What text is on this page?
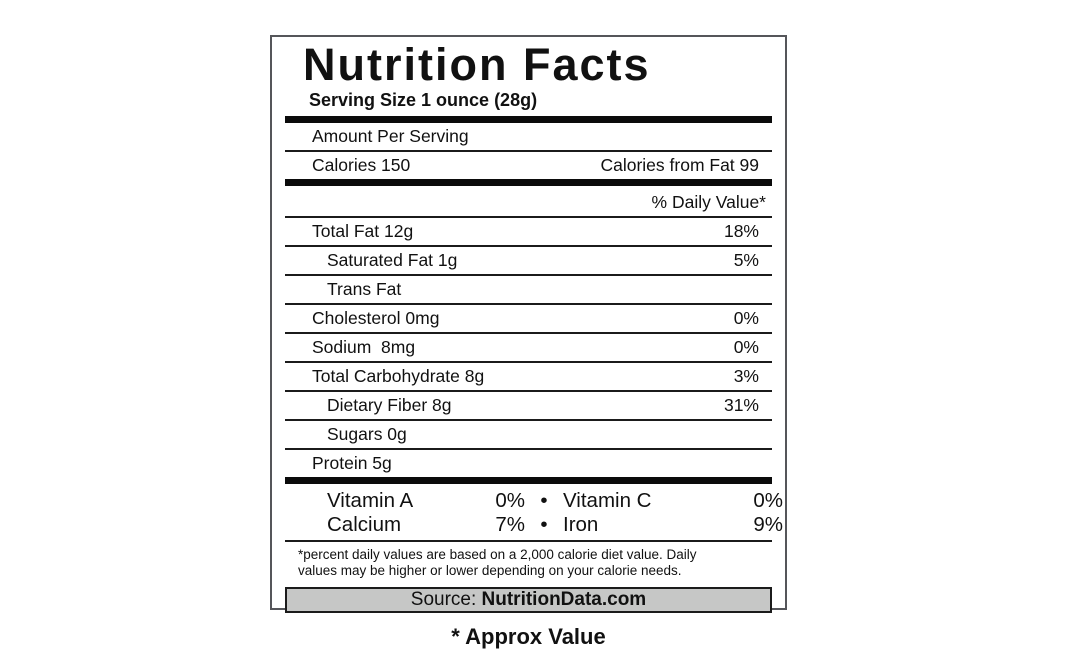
Nutrition Facts
Serving Size 1 ounce (28g)
Amount Per Serving
Calories 150	Calories from Fat 99
% Daily Value*
Total Fat 12g	18%
Saturated Fat 1g	5%
Trans Fat
Cholesterol 0mg	0%
Sodium  8mg	0%
Total Carbohydrate 8g	3%
Dietary Fiber 8g	31%
Sugars 0g
Protein 5g
Vitamin A	0% • Vitamin C	0%
Calcium	7% • Iron	9%
*percent daily values are based on a 2,000 calorie diet value. Daily
values may be higher or lower depending on your calorie needs.
Source: NutritionData.com
* Approx Value
